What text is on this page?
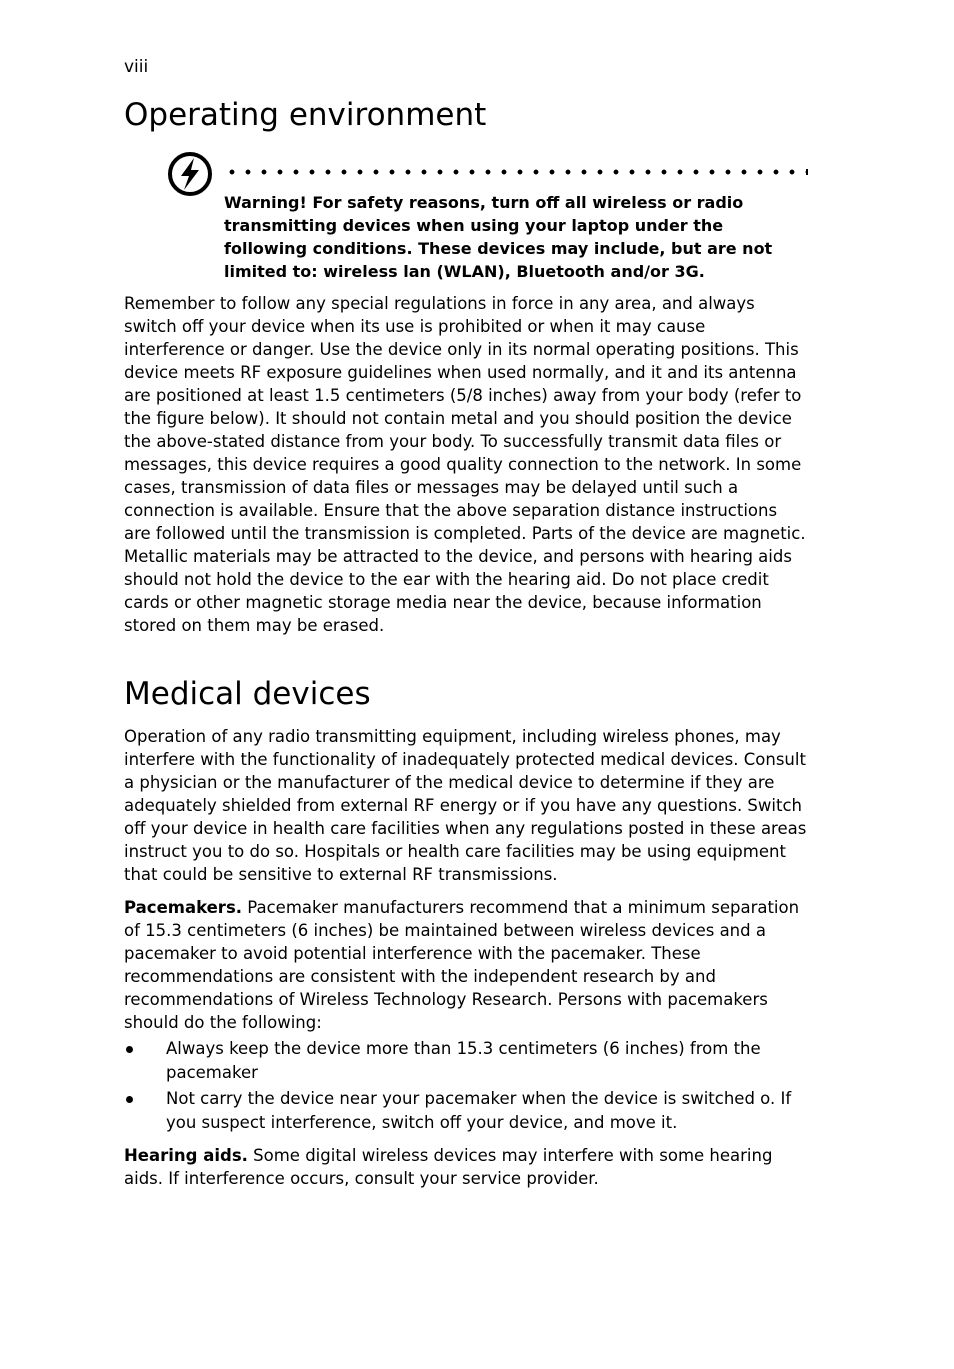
viii
Operating environment

Warning! For safety reasons, turn off all wireless or radio transmitting devices when using your laptop under the following conditions. These devices may include, but are not limited to: wireless lan (WLAN), Bluetooth and/or 3G.

Remember to follow any special regulations in force in any area, and always switch off your device when its use is prohibited or when it may cause interference or danger. Use the device only in its normal operating positions. This device meets RF exposure guidelines when used normally, and it and its antenna are positioned at least 1.5 centimeters (5/8 inches) away from your body (refer to the figure below). It should not contain metal and you should position the device the above-stated distance from your body. To successfully transmit data files or messages, this device requires a good quality connection to the network. In some cases, transmission of data files or messages may be delayed until such a connection is available. Ensure that the above separation distance instructions are followed until the transmission is completed. Parts of the device are magnetic. Metallic materials may be attracted to the device, and persons with hearing aids should not hold the device to the ear with the hearing aid. Do not place credit cards or other magnetic storage media near the device, because information stored on them may be erased.

Medical devices

Operation of any radio transmitting equipment, including wireless phones, may interfere with the functionality of inadequately protected medical devices. Consult a physician or the manufacturer of the medical device to determine if they are adequately shielded from external RF energy or if you have any questions. Switch off your device in health care facilities when any regulations posted in these areas instruct you to do so. Hospitals or health care facilities may be using equipment that could be sensitive to external RF transmissions.

Pacemakers. Pacemaker manufacturers recommend that a minimum separation of 15.3 centimeters (6 inches) be maintained between wireless devices and a pacemaker to avoid potential interference with the pacemaker. These recommendations are consistent with the independent research by and recommendations of Wireless Technology Research. Persons with pacemakers should do the following:

Always keep the device more than 15.3 centimeters (6 inches) from the pacemaker
Not carry the device near your pacemaker when the device is switched o. If you suspect interference, switch off your device, and move it.

Hearing aids. Some digital wireless devices may interfere with some hearing aids. If interference occurs, consult your service provider.
